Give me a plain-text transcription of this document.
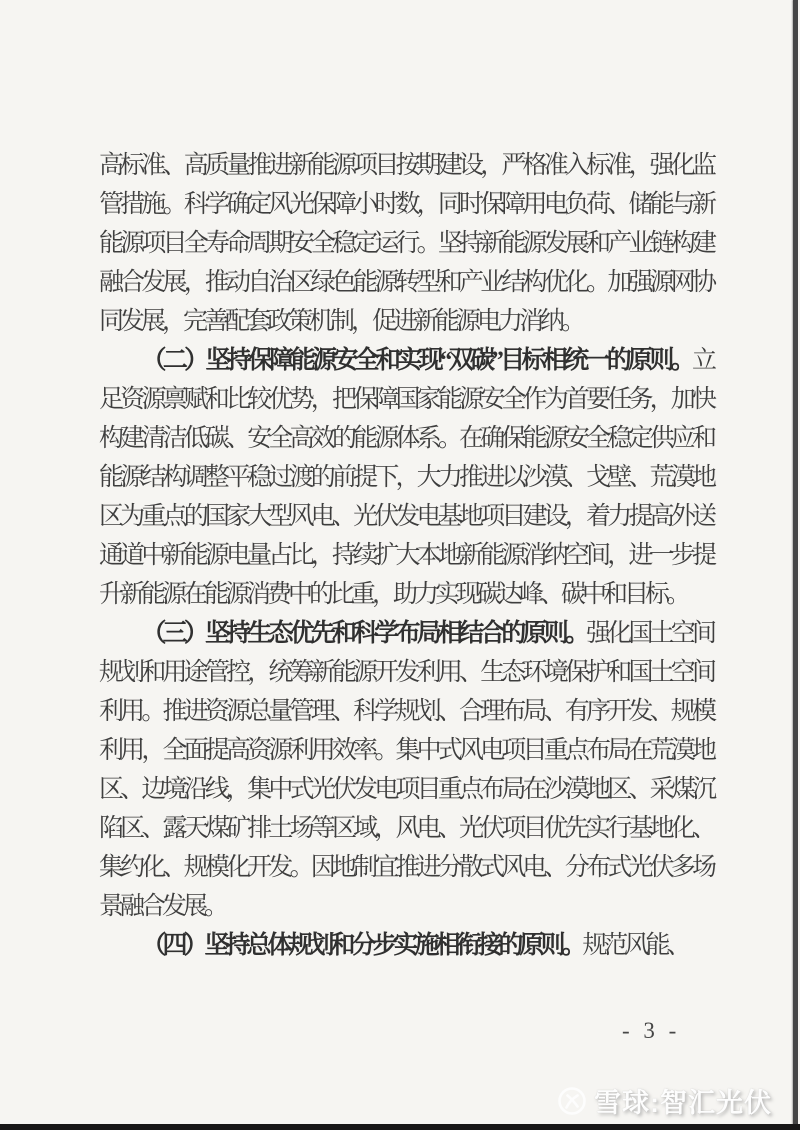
高标准、高质量推进新能源项目按期建设，严格准入标准，强化监管措施。科学确定风光保障小时数，同时保障用电负荷、储能与新能源项目全寿命周期安全稳定运行。坚持新能源发展和产业链构建融合发展，推动自治区绿色能源转型和产业结构优化。加强源网协同发展，完善配套政策机制，促进新能源电力消纳。

（二）坚持保障能源安全和实现“双碳”目标相统一的原则。立足资源禀赋和比较优势，把保障国家能源安全作为首要任务，加快构建清洁低碳、安全高效的能源体系。在确保能源安全稳定供应和能源结构调整平稳过渡的前提下，大力推进以沙漠、戈壁、荒漠地区为重点的国家大型风电、光伏发电基地项目建设，着力提高外送通道中新能源电量占比，持续扩大本地新能源消纳空间，进一步提升新能源在能源消费中的比重，助力实现碳达峰、碳中和目标。

（三）坚持生态优先和科学布局相结合的原则。强化国土空间规划和用途管控，统筹新能源开发利用、生态环境保护和国土空间利用。推进资源总量管理、科学规划、合理布局、有序开发、规模利用，全面提高资源利用效率。集中式风电项目重点布局在荒漠地区、边境沿线，集中式光伏发电项目重点布局在沙漠地区、采煤沉陷区、露天煤矿排土场等区域，风电、光伏项目优先实行基地化、集约化、规模化开发。因地制宜推进分散式风电、分布式光伏多场景融合发展。

（四）坚持总体规划和分步实施相衔接的原则。规范风能、

- 3 -
雪球:智汇光伏
